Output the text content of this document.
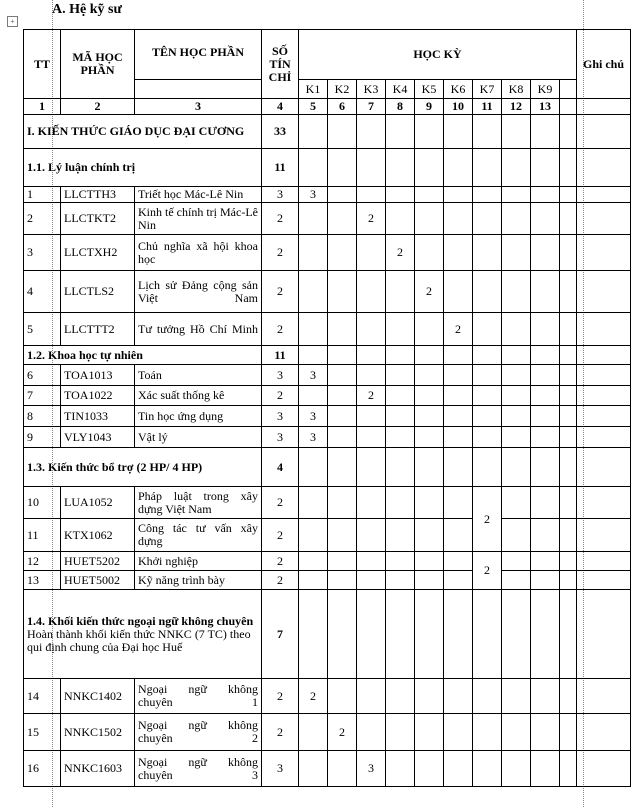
+
A. Hệ kỹ sư
TT	MÃ HỌC PHẦN	TÊN HỌC PHẦN	SỐ TÍN CHỈ	HỌC KỲ										Ghi chú
				K1	K2	K3	K4	K5	K6	K7	K8	K9		
1	2	3	4	5	6	7	8	9	10	11	12	13		
I. KIẾN THỨC GIÁO DỤC ĐẠI CƯƠNG			33											
1.1. Lý luận chính trị			11											
1	LLCTTH3	Triết học Mác-Lê Nin	3	3										
2	LLCTKT2	Kinh tế chính trị Mác-Lê Nin	2			2								
3	LLCTXH2	Chủ nghĩa xã hội khoa học	2				2							
4	LLCTLS2	Lịch sử Đảng cộng sản Việt Nam	2					2						
5	LLCTTT2	Tư tưởng Hồ Chí Minh	2						2					
1.2. Khoa học tự nhiên			11											
6	TOA1013	Toán	3	3										
7	TOA1022	Xác suất thống kê	2			2								
8	TIN1033	Tin học ứng dụng	3	3										
9	VLY1043	Vật lý	3	3										
1.3. Kiến thức bổ trợ (2 HP/ 4 HP)			4											
10	LUA1052	Pháp luật trong xây dựng Việt Nam	2							2				
11	KTX1062	Công tác tư vấn xây dựng	2											
12	HUET5202	Khởi nghiệp	2							2				
13	HUET5002	Kỹ năng trình bày	2											

1.4. Khối kiến thức ngoại ngữ không chuyên
Hoàn thành khối kiến thức NNKC (7 TC) theo qui định chung của Đại học Huế			7											
14	NNKC1402	Ngoại ngữ không chuyên 1	2	2										
15	NNKC1502	Ngoại ngữ không chuyên 2	2		2									
16	NNKC1603	Ngoại ngữ không chuyên 3	3			3								
